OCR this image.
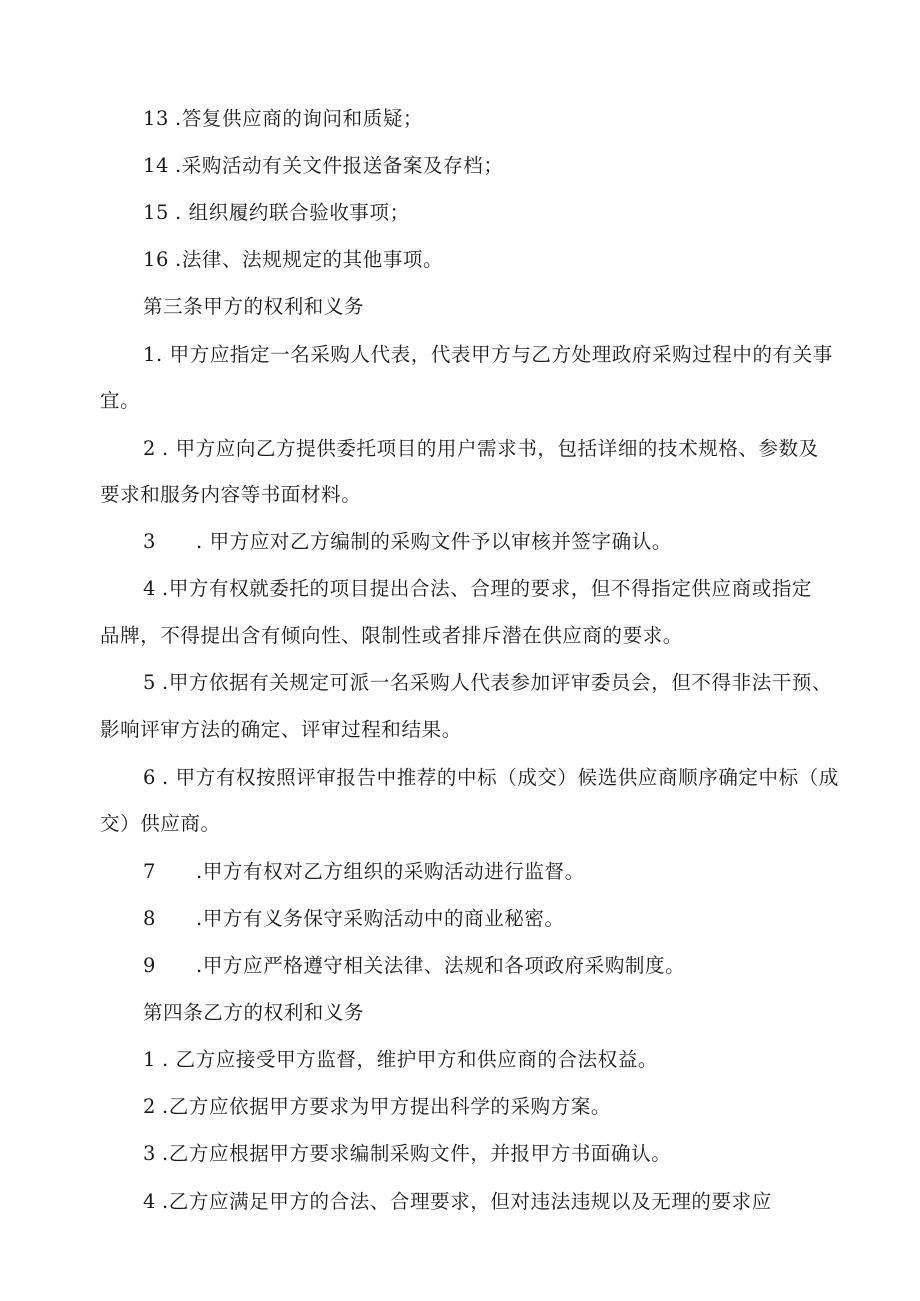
13 .答复供应商的询问和质疑；
14 .采购活动有关文件报送备案及存档；
15 . 组织履约联合验收事项；
16 .法律、法规规定的其他事项。
第三条甲方的权利和义务
1. 甲方应指定一名采购人代表，代表甲方与乙方处理政府采购过程中的有关事
宜。
2 . 甲方应向乙方提供委托项目的用户需求书，包括详细的技术规格、参数及
要求和服务内容等书面材料。
3 . 甲方应对乙方编制的采购文件予以审核并签字确认。
4 .甲方有权就委托的项目提出合法、合理的要求，但不得指定供应商或指定
品牌，不得提出含有倾向性、限制性或者排斥潜在供应商的要求。
5 .甲方依据有关规定可派一名采购人代表参加评审委员会，但不得非法干预、
影响评审方法的确定、评审过程和结果。
6 . 甲方有权按照评审报告中推荐的中标（成交）候选供应商顺序确定中标（成
交）供应商。
7 .甲方有权对乙方组织的采购活动进行监督。
8 .甲方有义务保守采购活动中的商业秘密。
9 .甲方应严格遵守相关法律、法规和各项政府采购制度。
第四条乙方的权利和义务
1 . 乙方应接受甲方监督，维护甲方和供应商的合法权益。
2 .乙方应依据甲方要求为甲方提出科学的采购方案。
3 .乙方应根据甲方要求编制采购文件，并报甲方书面确认。
4 .乙方应满足甲方的合法、合理要求，但对违法违规以及无理的要求应
